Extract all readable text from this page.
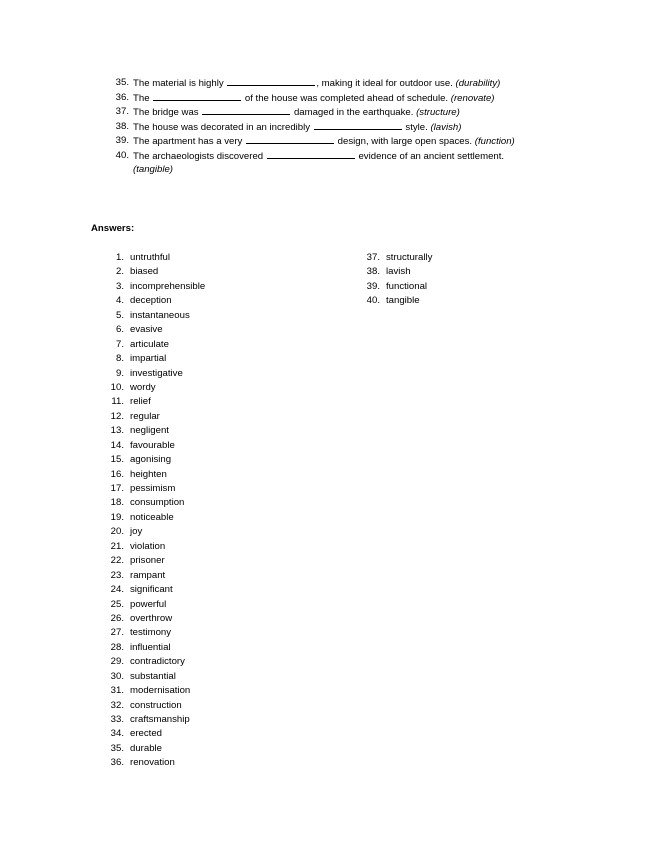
35. The material is highly	, making it ideal for outdoor use. (durability)
36. The	of the house was completed ahead of schedule. (renovate)
37. The bridge was	damaged in the earthquake. (structure)
38. The house was decorated in an incredibly	style. (lavish)
39. The apartment has a very	design, with large open spaces. (function)
40. The archaeologists discovered	evidence of an ancient settlement.
(tangible)
Answers:
1. untruthful
2. biased
3. incomprehensible
4. deception
5. instantaneous
6. evasive
7. articulate
8. impartial
9. investigative
10. wordy
11. relief
12. regular
13. negligent
14. favourable
15. agonising
16. heighten
17. pessimism
18. consumption
19. noticeable
20. joy
21. violation
22. prisoner
23. rampant
24. significant
25. powerful
26. overthrow
27. testimony
28. influential
29. contradictory
30. substantial
31. modernisation
32. construction
33. craftsmanship
34. erected
35. durable
36. renovation
37. structurally
38. lavish
39. functional
40. tangible
